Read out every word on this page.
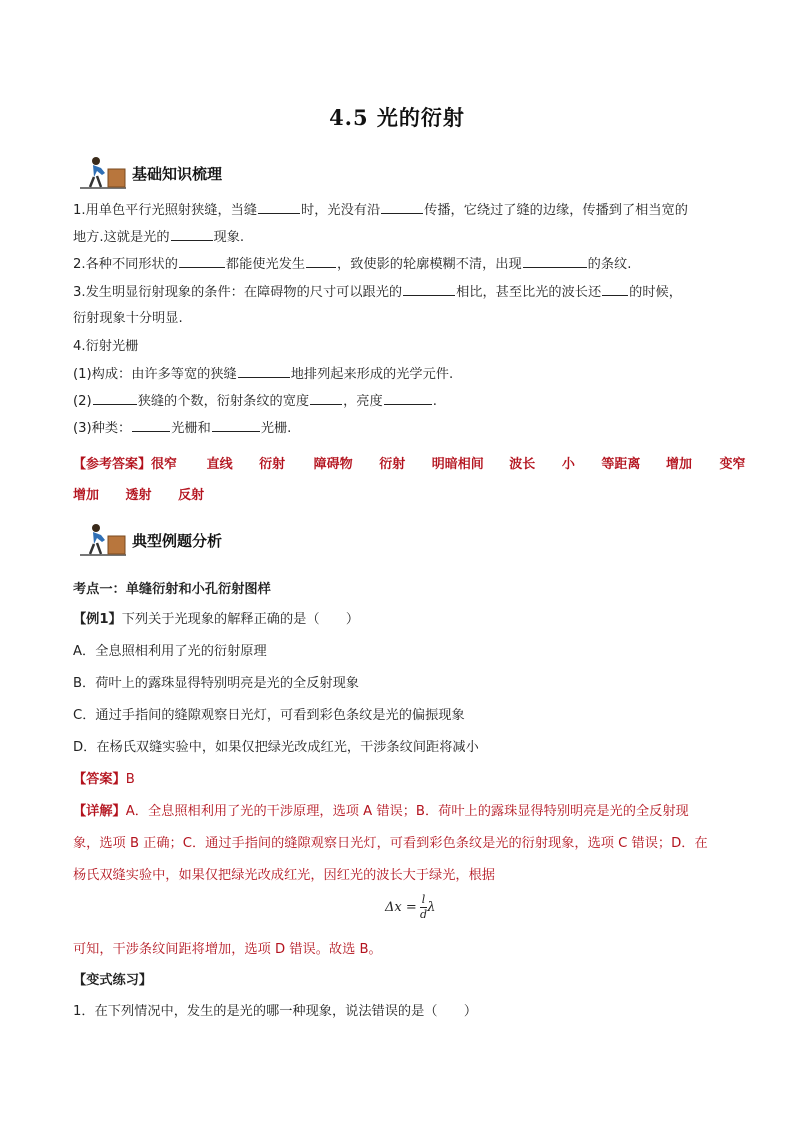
4.5 光的衍射
基础知识梳理
1.用单色平行光照射狭缝，当缝	时，光没有沿	传播，它绕过了缝的边缘，传播到了相当宽的
地方.这就是光的	现象.
2.各种不同形状的	都能使光发生 ，致使影的轮廓模糊不清，出现	的条纹.
3.发生明显衍射现象的条件：在障碍物的尺寸可以跟光的	相比，甚至比光的波长还 的时候，
衍射现象十分明显.
4.衍射光栅
(1)构成：由许多等宽的狭缝	地排列起来形成的光学元件.
(2)	狭缝的个数，衍射条纹的宽度	，亮度	.
(3)种类：	光栅和	光栅.
【参考答案】很窄 直线 衍射 障碍物 衍射 明暗相间 波长 小 等距离 增加 变窄
增加 透射 反射
典型例题分析
考点一：单缝衍射和小孔衍射图样
【例1】下列关于光现象的解释正确的是（　　）
A．全息照相利用了光的衍射原理
B．荷叶上的露珠显得特别明亮是光的全反射现象
C．通过手指间的缝隙观察日光灯，可看到彩色条纹是光的偏振现象
D．在杨氏双缝实验中，如果仅把绿光改成红光，干涉条纹间距将减小
【答案】B
【详解】A．全息照相利用了光的干涉原理，选项 A 错误；B．荷叶上的露珠显得特别明亮是光的全反射现
象，选项 B 正确；C．通过手指间的缝隙观察日光灯，可看到彩色条纹是光的衍射现象，选项 C 错误；D．在
杨氏双缝实验中，如果仅把绿光改成红光，因红光的波长大于绿光，根据
$\Delta x = \frac{l}{d}$ λ
可知，干涉条纹间距将增加，选项 D 错误。故选 B。
【变式练习】
1．在下列情况中，发生的是光的哪一种现象，说法错误的是（　　）
